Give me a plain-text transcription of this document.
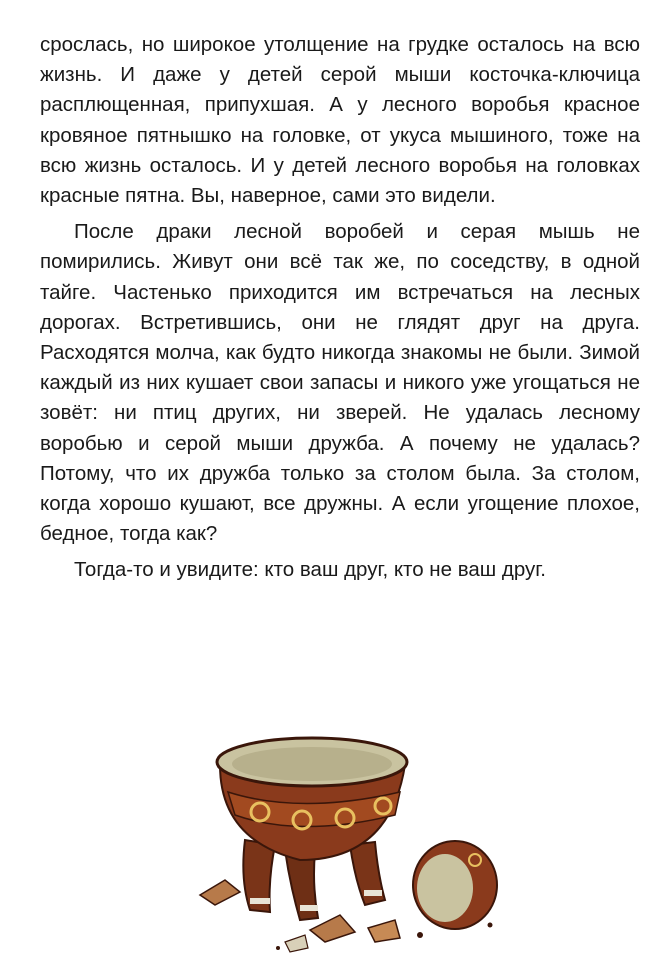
срослась, но широкое утолщение на грудке осталось на всю жизнь. И даже у детей серой мыши косточка-ключица расплющенная, припухшая. А у лесного воробья красное кровяное пятнышко на головке, от укуса мышиного, тоже на всю жизнь осталось. И у детей лесного воробья на головках красные пятна. Вы, наверное, сами это видели.

После драки лесной воробей и серая мышь не помирились. Живут они всё так же, по соседству, в одной тайге. Частенько приходится им встречаться на лесных дорогах. Встретившись, они не глядят друг на друга. Расходятся молча, как будто никогда знакомы не были. Зимой каждый из них кушает свои запасы и никого уже угощаться не зовёт: ни птиц других, ни зверей. Не удалась лесному воробью и серой мыши дружба. А почему не удалась? Потому, что их дружба только за столом была. За столом, когда хорошо кушают, все дружны. А если угощение плохое, бедное, тогда как?

Тогда-то и увидите: кто ваш друг, кто не ваш друг.
